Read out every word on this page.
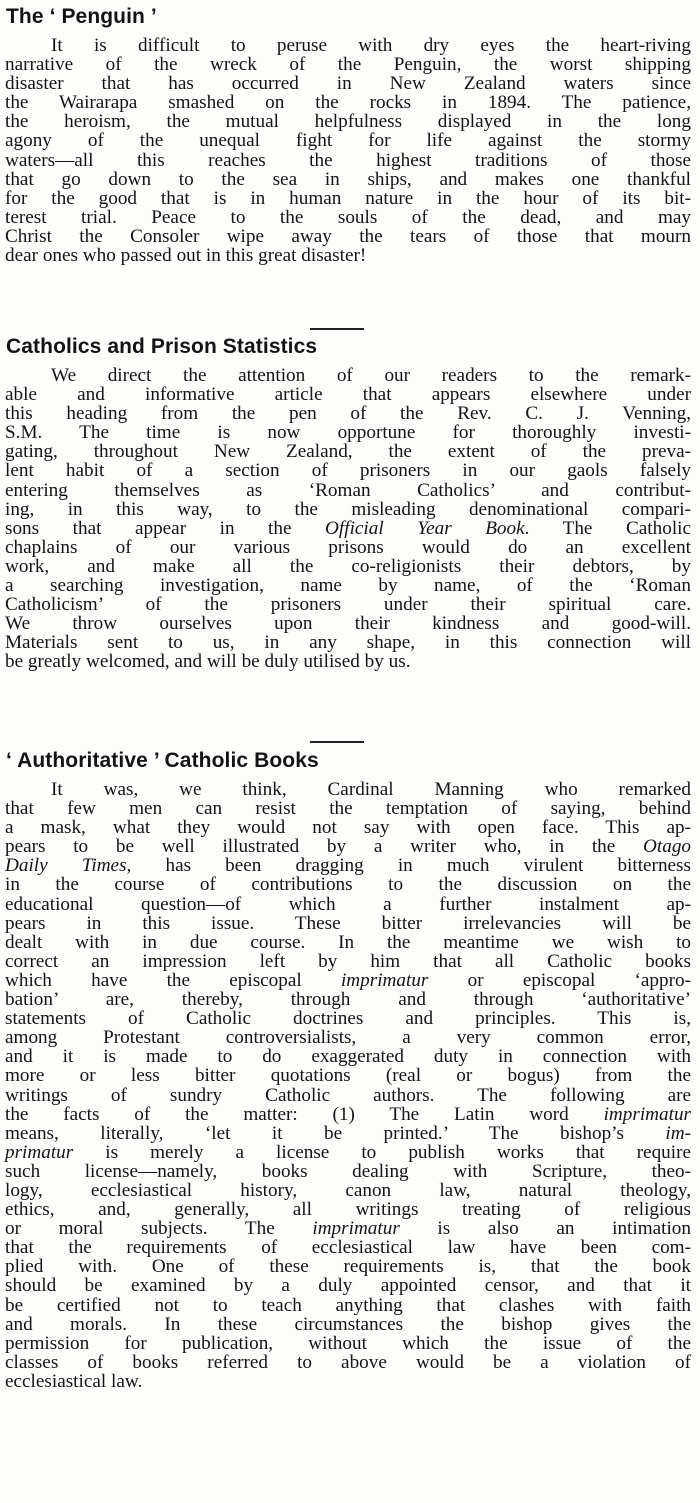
The ‘ Penguin ’

It is difficult to peruse with dry eyes the heart-riving
narrative of the wreck of the Penguin, the worst shipping
disaster that has occurred in New Zealand waters since
the Wairarapa smashed on the rocks in 1894. The patience,
the heroism, the mutual helpfulness displayed in the long
agony of the unequal fight for life against the stormy
waters—all this reaches the highest traditions of those
that go down to the sea in ships, and makes one thankful
for the good that is in human nature in the hour of its bit-
terest trial. Peace to the souls of the dead, and may
Christ the Consoler wipe away the tears of those that mourn
dear ones who passed out in this great disaster!

Catholics and Prison Statistics

We direct the attention of our readers to the remark-
able and informative article that appears elsewhere under
this heading from the pen of the Rev. C. J. Venning,
S.M. The time is now opportune for thoroughly investi-
gating, throughout New Zealand, the extent of the preva-
lent habit of a section of prisoners in our gaols falsely
entering themselves as ‘Roman Catholics’ and contribut-
ing, in this way, to the misleading denominational compari-
sons that appear in the Official Year Book. The Catholic
chaplains of our various prisons would do an excellent
work, and make all the co-religionists their debtors, by
a searching investigation, name by name, of the ‘Roman
Catholicism’ of the prisoners under their spiritual care.
We throw ourselves upon their kindness and good-will.
Materials sent to us, in any shape, in this connection will
be greatly welcomed, and will be duly utilised by us.

‘ Authoritative ’ Catholic Books

It was, we think, Cardinal Manning who remarked
that few men can resist the temptation of saying, behind
a mask, what they would not say with open face. This ap-
pears to be well illustrated by a writer who, in the Otago
Daily Times, has been dragging in much virulent bitterness
in the course of contributions to the discussion on the
educational question—of which a further instalment ap-
pears in this issue. These bitter irrelevancies will be
dealt with in due course. In the meantime we wish to
correct an impression left by him that all Catholic books
which have the episcopal imprimatur or episcopal ‘appro-
bation’ are, thereby, through and through ‘authoritative’
statements of Catholic doctrines and principles. This is,
among Protestant controversialists, a very common error,
and it is made to do exaggerated duty in connection with
more or less bitter quotations (real or bogus) from the
writings of sundry Catholic authors. The following are
the facts of the matter: (1) The Latin word imprimatur
means, literally, ‘let it be printed.’ The bishop’s im-
primatur is merely a license to publish works that require
such license—namely, books dealing with Scripture, theo-
logy, ecclesiastical history, canon law, natural theology,
ethics, and, generally, all writings treating of religious
or moral subjects. The imprimatur is also an intimation
that the requirements of ecclesiastical law have been com-
plied with. One of these requirements is, that the book
should be examined by a duly appointed censor, and that it
be certified not to teach anything that clashes with faith
and morals. In these circumstances the bishop gives the
permission for publication, without which the issue of the
classes of books referred to above would be a violation of
ecclesiastical law.
